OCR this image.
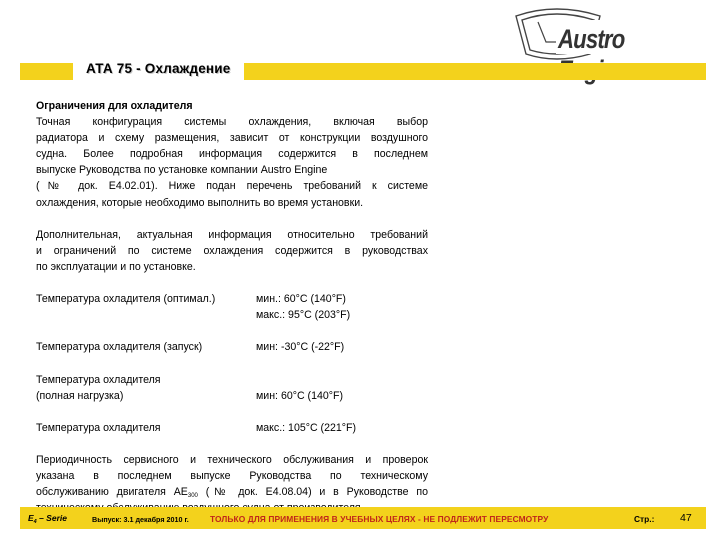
Austro
АТА 75 - Охлаждение
Ограничения для охладителя
Точная конфигурация системы охлаждения, включая выбор
радиатора и схему размещения, зависит от конструкции воздушного
судна. Более подробная информация содержится в последнем
выпуске Руководства по установке компании Austro Engine
(№ док. E4.02.01). Ниже подан перечень требований к системе
охлаждения, которые необходимо выполнить во время установки.
Дополнительная, актуальная информация относительно требований
и ограничений по системе охлаждения содержится в руководствах
по эксплуатации и по установке.
Температура охладителя (оптимал.)	мин.: 60°C (140°F)
макс.: 95°C (203°F)
Температура охладителя (запуск)	мин: -30°C (-22°F)
Температура охладителя
(полная нагрузка)	мин: 60°C (140°F)
Температура охладителя	макс.: 105°C (221°F)
Периодичность сервисного и технического обслуживания и проверок
указана в последнем выпуске Руководства по техническому
обслуживанию двигателя $AE_{300}$ (№ док. E4.08.04) и в Руководстве по
$E_4$ – Serie	Выпуск: 3.1 декабря 2010 г.	ТОЛЬКО ДЛЯ ПРИМЕНЕНИЯ В УЧЕБНЫХ ЦЕЛЯХ - НЕ ПОДЛЕЖИТ ПЕРЕСМОТРУ	Стр.: 47
